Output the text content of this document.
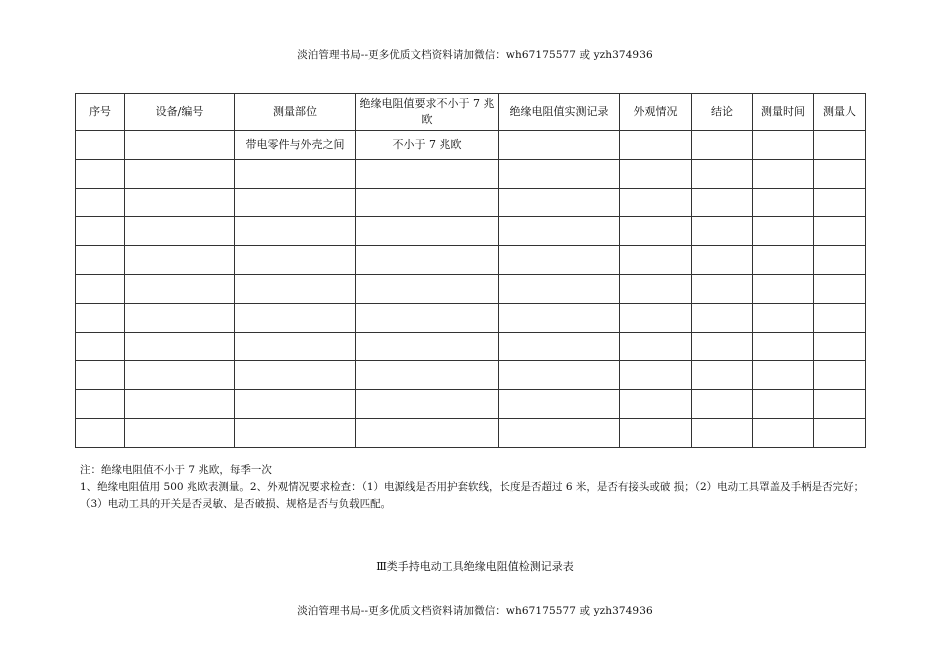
淡泊管理书局--更多优质文档资料请加微信：wh67175577 或 yzh374936
序号	设备/编号	测量部位	绝缘电阻值要求不小于 7 兆欧	绝缘电阻值实测记录	外观情况	结论	测量时间	测量人
		带电零件与外壳之间	不小于 7 兆欧					

注：绝缘电阻值不小于 7 兆欧，每季一次

1、绝缘电阻值用 500 兆欧表测量。2、外观情况要求检查：（1）电源线是否用护套软线，长度是否超过 6 米，是否有接头或破 损；（2）电动工具罩盖及手柄是否完好；（3）电动工具的开关是否灵敏、是否破损、规格是否与负载匹配。

Ⅲ类手持电动工具绝缘电阻值检测记录表
淡泊管理书局--更多优质文档资料请加微信：wh67175577 或 yzh374936
